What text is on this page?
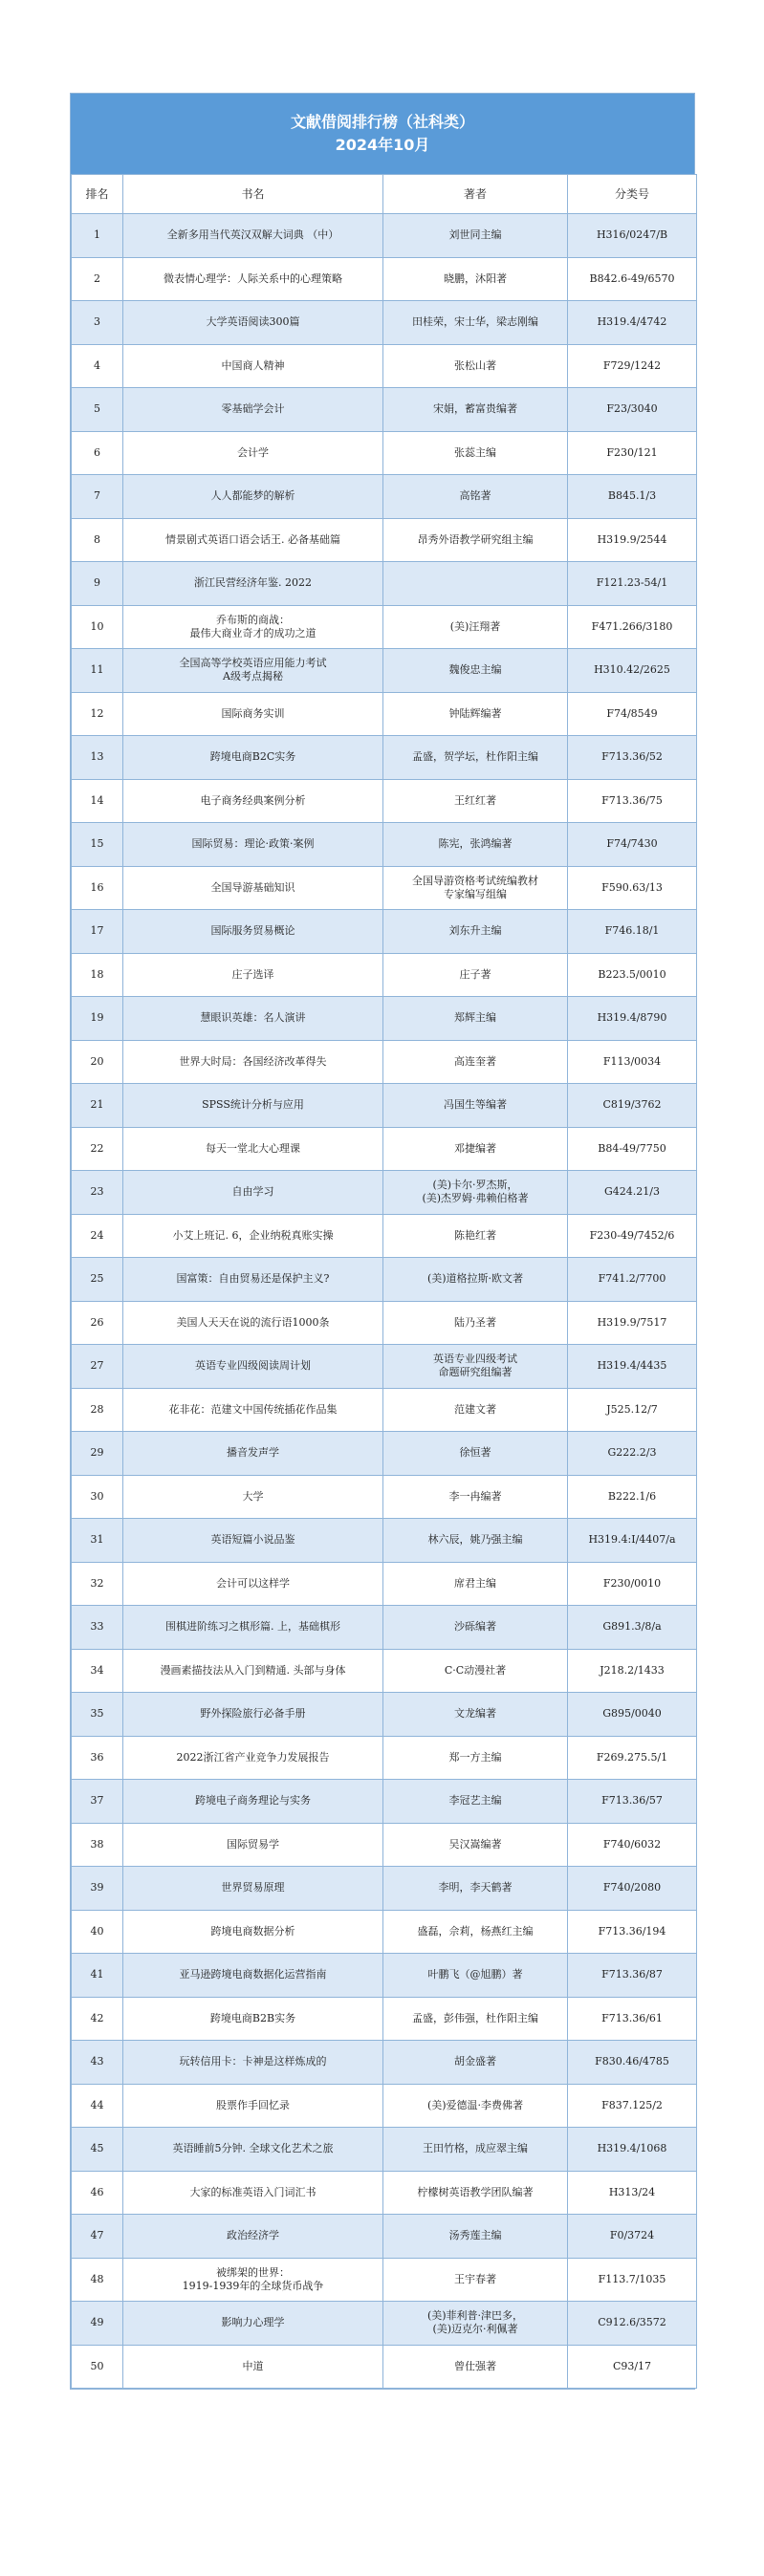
文献借阅排行榜（社科类）
2024年10月
排名	书名	著者	分类号
1	全新多用当代英汉双解大词典 （中）	刘世同主编	H316/0247/B
2	微表情心理学：人际关系中的心理策略	晓鹏，沐阳著	B842.6-49/6570
3	大学英语阅读300篇	田桂荣，宋士华，梁志刚编	H319.4/4742
4	中国商人精神	张松山著	F729/1242
5	零基础学会计	宋娟，蓄富贵编著	F23/3040
6	会计学	张蕊主编	F230/121
7	人人都能梦的解析	高铭著	B845.1/3
8	情景剧式英语口语会话王. 必备基础篇	昂秀外语教学研究组主编	H319.9/2544
9	浙江民营经济年鉴. 2022		F121.23-54/1
10	乔布斯的商战：
最伟大商业奇才的成功之道	(美)汪翔著	F471.266/3180
11	全国高等学校英语应用能力考试
A级考点揭秘	魏俊忠主编	H310.42/2625
12	国际商务实训	钟陆辉编著	F74/8549
13	跨境电商B2C实务	孟盛，贺学坛，杜作阳主编	F713.36/52
14	电子商务经典案例分析	王红红著	F713.36/75
15	国际贸易：理论·政策·案例	陈宪，张鸿编著	F74/7430
16	全国导游基础知识	全国导游资格考试统编教材
专家编写组编	F590.63/13
17	国际服务贸易概论	刘东升主编	F746.18/1
18	庄子选译	庄子著	B223.5/0010
19	慧眼识英雄：名人演讲	郑辉主编	H319.4/8790
20	世界大时局：各国经济改革得失	高连奎著	F113/0034
21	SPSS统计分析与应用	冯国生等编著	C819/3762
22	每天一堂北大心理课	邓捷编著	B84-49/7750
23	自由学习	(美)卡尔·罗杰斯，
(美)杰罗姆·弗赖伯格著	G424.21/3
24	小艾上班记. 6，企业纳税真账实操	陈艳红著	F230-49/7452/6
25	国富策：自由贸易还是保护主义?	(美)道格拉斯·欧文著	F741.2/7700
26	美国人天天在说的流行语1000条	陆乃圣著	H319.9/7517
27	英语专业四级阅读周计划	英语专业四级考试
命题研究组编著	H319.4/4435
28	花非花：范建文中国传统插花作品集	范建文著	J525.12/7
29	播音发声学	徐恒著	G222.2/3
30	大学	李一冉编著	B222.1/6
31	英语短篇小说品鉴	林六辰，姚乃强主编	H319.4:I/4407/a
32	会计可以这样学	席君主编	F230/0010
33	围棋进阶练习之棋形篇. 上，基础棋形	沙砾编著	G891.3/8/a
34	漫画素描技法从入门到精通. 头部与身体	C·C动漫社著	J218.2/1433
35	野外探险旅行必备手册	文龙编著	G895/0040
36	2022浙江省产业竞争力发展报告	郑一方主编	F269.275.5/1
37	跨境电子商务理论与实务	李冠艺主编	F713.36/57
38	国际贸易学	吴汉嵩编著	F740/6032
39	世界贸易原理	李明，李天鹤著	F740/2080
40	跨境电商数据分析	盛磊，佘莉，杨燕红主编	F713.36/194
41	亚马逊跨境电商数据化运营指南	叶鹏飞（@旭鹏）著	F713.36/87
42	跨境电商B2B实务	孟盛，彭伟强，杜作阳主编	F713.36/61
43	玩转信用卡：卡神是这样炼成的	胡金盛著	F830.46/4785
44	股票作手回忆录	(美)爱德温·李费佛著	F837.125/2
45	英语睡前5分钟. 全球文化艺术之旅	王田竹格，成应翠主编	H319.4/1068
46	大家的标准英语入门词汇书	柠檬树英语教学团队编著	H313/24
47	政治经济学	汤秀莲主编	F0/3724
48	被绑架的世界：
1919-1939年的全球货币战争	王宇春著	F113.7/1035
49	影响力心理学	(美)菲利普·津巴多，
(美)迈克尔·利佩著	C912.6/3572
50	中道	曾仕强著	C93/17
